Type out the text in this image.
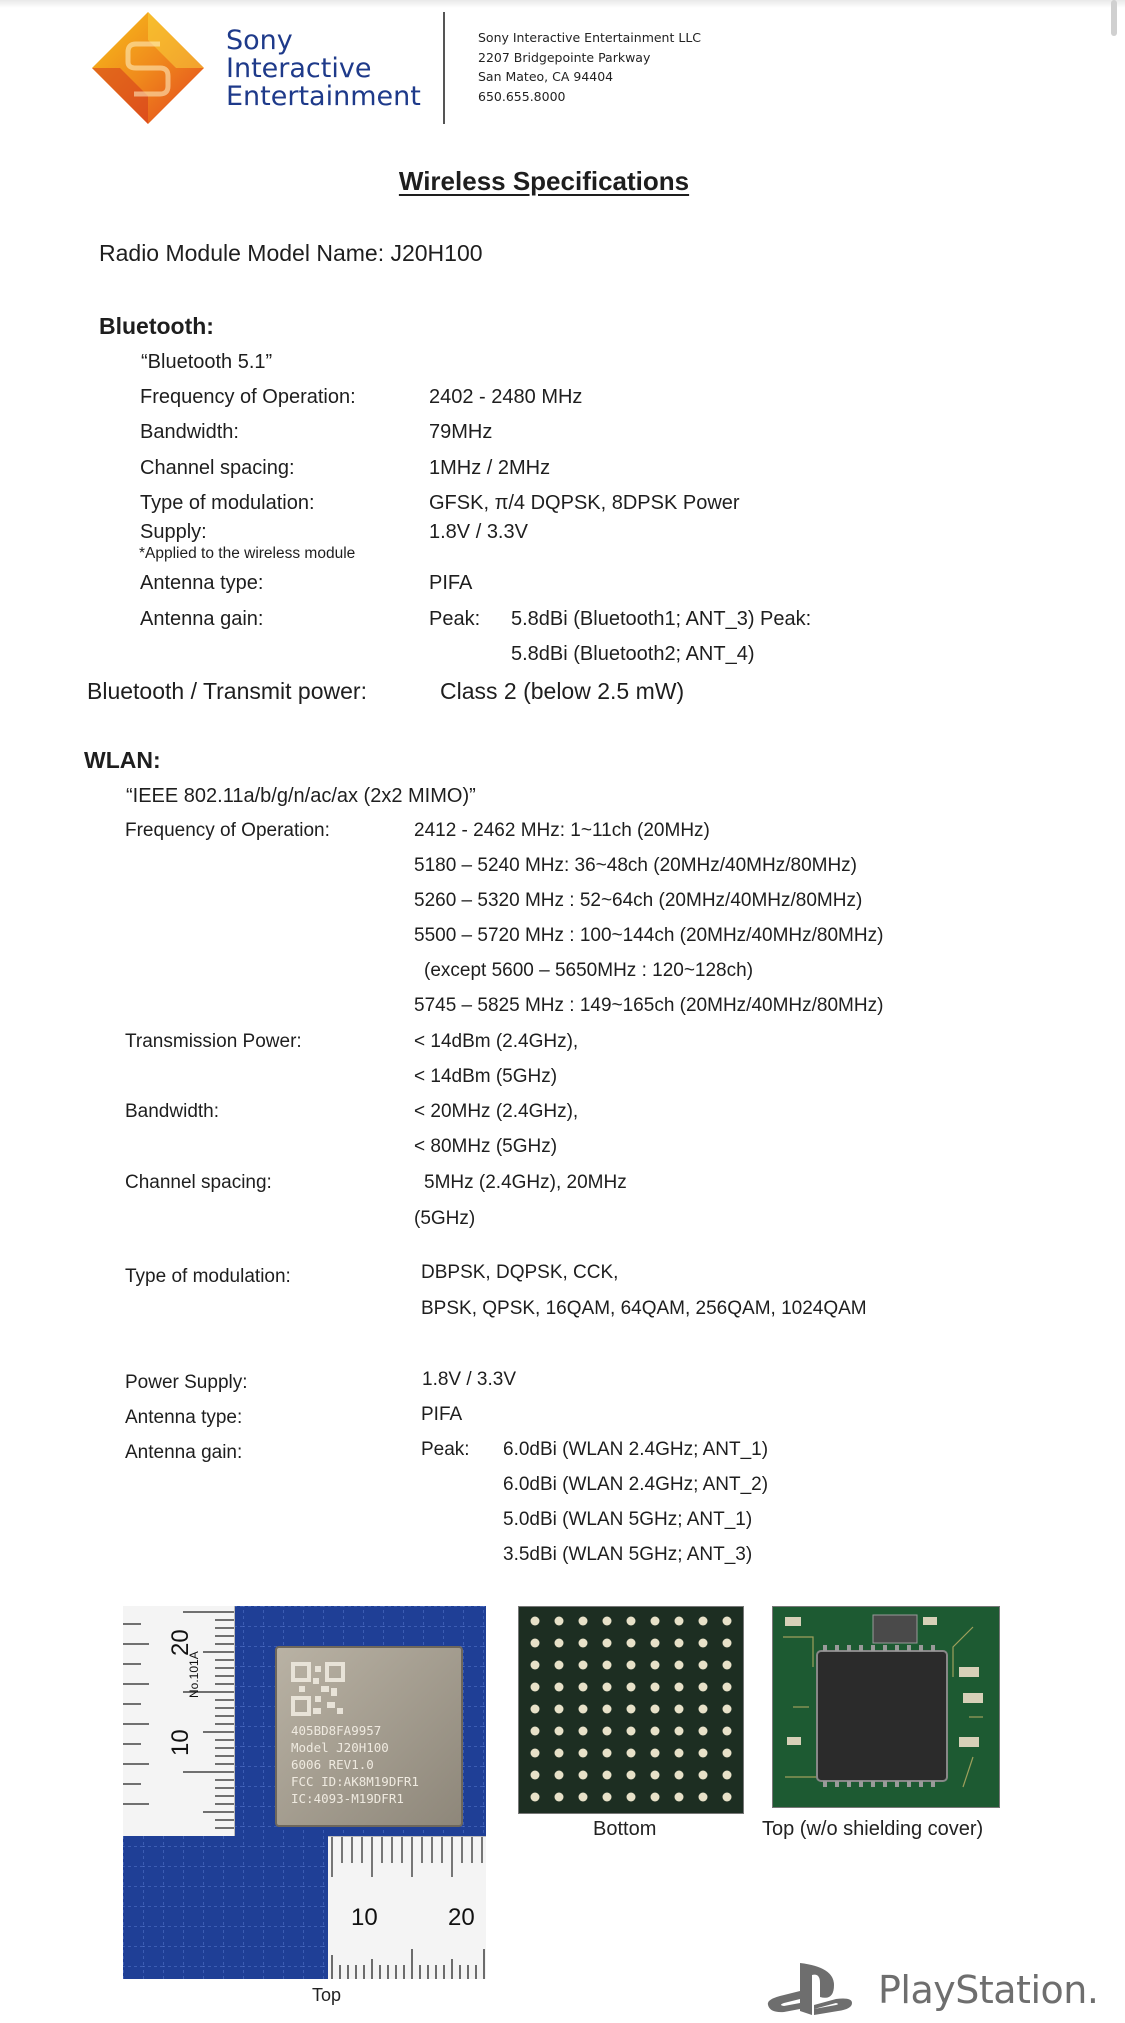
Sony
Interactive
Entertainment
Sony Interactive Entertainment LLC
2207 Bridgepointe Parkway
San Mateo, CA 94404
650.655.8000
Wireless Specifications
Radio Module Model Name: J20H100
Bluetooth:
“Bluetooth 5.1”
Frequency of Operation:	2402 - 2480 MHz
Bandwidth:	79MHz
Channel spacing:	1MHz / 2MHz
Type of modulation:	GFSK, π/4 DQPSK, 8DPSK Power
Supply:	1.8V / 3.3V
*Applied to the wireless module
Antenna type:	PIFA
Antenna gain:	Peak: 5.8dBi (Bluetooth1; ANT_3) Peak:
5.8dBi (Bluetooth2; ANT_4)
Bluetooth / Transmit power:	Class 2 (below 2.5 mW)
WLAN:
“IEEE 802.11a/b/g/n/ac/ax (2x2 MIMO)”
Frequency of Operation:	2412 - 2462 MHz: 1~11ch (20MHz)
5180 – 5240 MHz: 36~48ch (20MHz/40MHz/80MHz)
5260 – 5320 MHz : 52~64ch (20MHz/40MHz/80MHz)
5500 – 5720 MHz : 100~144ch (20MHz/40MHz/80MHz)
(except 5600 – 5650MHz : 120~128ch)
5745 – 5825 MHz : 149~165ch (20MHz/40MHz/80MHz)
Transmission Power:	< 14dBm (2.4GHz),
< 14dBm (5GHz)
Bandwidth:	< 20MHz (2.4GHz),
< 80MHz (5GHz)
Channel spacing:	5MHz (2.4GHz), 20MHz
(5GHz)
Type of modulation:	DBPSK, DQPSK, CCK,
BPSK, QPSK, 16QAM, 64QAM, 256QAM, 1024QAM
Power Supply:	1.8V / 3.3V
Antenna type:	PIFA
Antenna gain:	Peak: 6.0dBi (WLAN 2.4GHz; ANT_1)
6.0dBi (WLAN 2.4GHz; ANT_2)
5.0dBi (WLAN 5GHz; ANT_1)
3.5dBi (WLAN 5GHz; ANT_3)
20
10
No.101A
10	20
405BD8FA9957
Model J20H100
6006 REV1.0
FCC ID:AK8M19DFR1
IC:4093-M19DFR1
Top
Bottom	Top (w/o shielding cover)
PlayStation.
